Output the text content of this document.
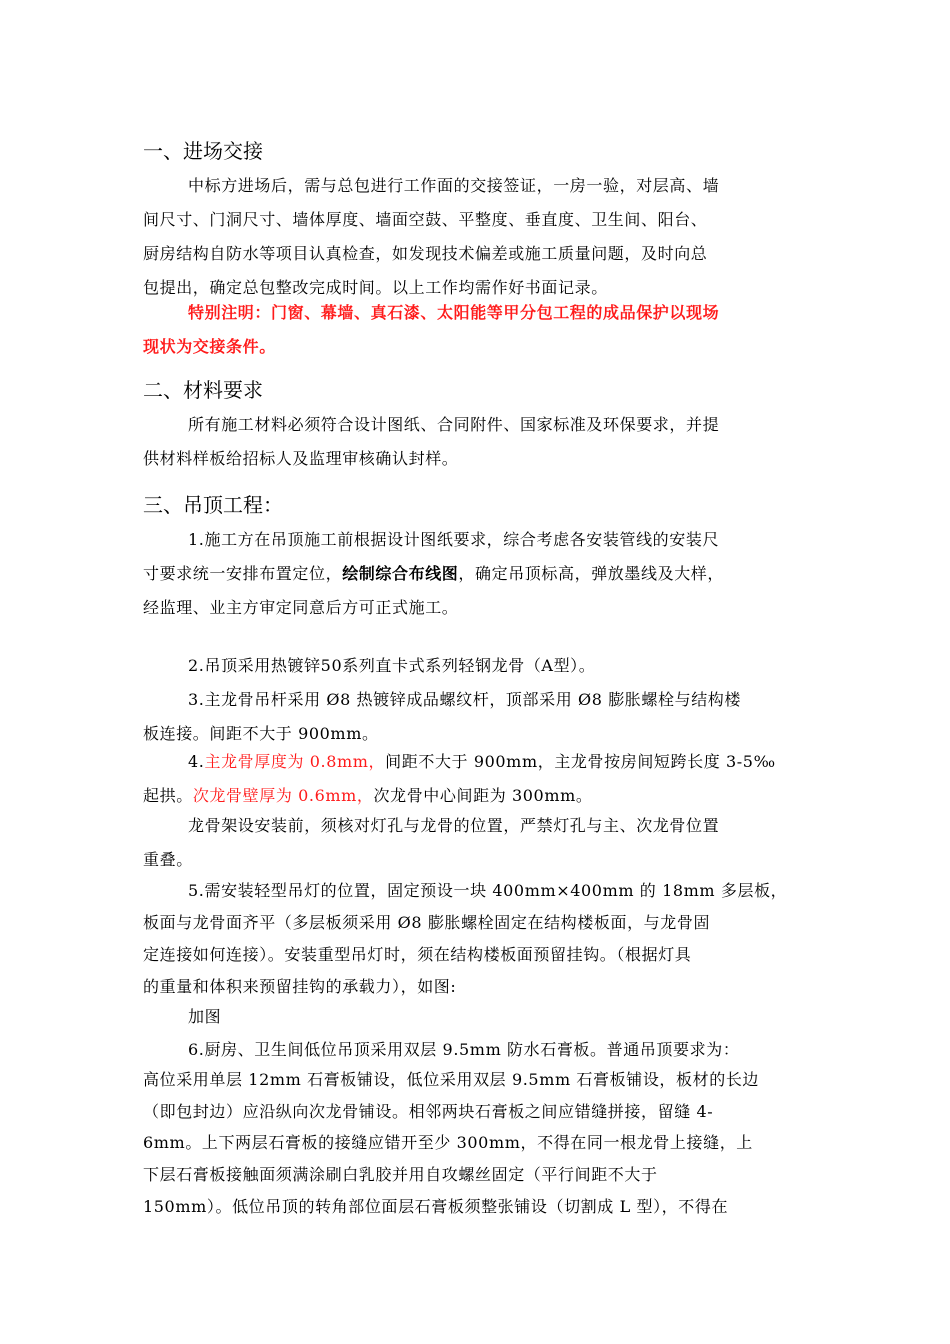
一、进场交接
中标方进场后，需与总包进行工作面的交接签证，一房一验，对层高、墙
间尺寸、门洞尺寸、墙体厚度、墙面空鼓、平整度、垂直度、卫生间、阳台、
厨房结构自防水等项目认真检查，如发现技术偏差或施工质量问题，及时向总
包提出，确定总包整改完成时间。以上工作均需作好书面记录。
特别注明：门窗、幕墙、真石漆、太阳能等甲分包工程的成品保护以现场
现状为交接条件。
二、材料要求
所有施工材料必须符合设计图纸、合同附件、国家标准及环保要求，并提
供材料样板给招标人及监理审核确认封样。
三、吊顶工程：
1.施工方在吊顶施工前根据设计图纸要求，综合考虑各安装管线的安装尺
寸要求统一安排布置定位，绘制综合布线图，确定吊顶标高，弹放墨线及大样，
经监理、业主方审定同意后方可正式施工。
2.吊顶采用热镀锌50系列直卡式系列轻钢龙骨（A型）。
3.主龙骨吊杆采用 Ø8 热镀锌成品螺纹杆，顶部采用 Ø8 膨胀螺栓与结构楼
板连接。间距不大于 900mm。
4.主龙骨厚度为 0.8mm，间距不大于 900mm，主龙骨按房间短跨长度 3-5‰
起拱。次龙骨壁厚为 0.6mm，次龙骨中心间距为 300mm。
龙骨架设安装前，须核对灯孔与龙骨的位置，严禁灯孔与主、次龙骨位置
重叠。
5.需安装轻型吊灯的位置，固定预设一块 400mm×400mm 的 18mm 多层板，
板面与龙骨面齐平（多层板须采用 Ø8 膨胀螺栓固定在结构楼板面，与龙骨固
定连接如何连接）。安装重型吊灯时，须在结构楼板面预留挂钩。（根据灯具
的重量和体积来预留挂钩的承载力），如图:
加图
6.厨房、卫生间低位吊顶采用双层 9.5mm 防水石膏板。普通吊顶要求为：
高位采用单层 12mm 石膏板铺设，低位采用双层 9.5mm 石膏板铺设，板材的长边
（即包封边）应沿纵向次龙骨铺设。相邻两块石膏板之间应错缝拼接，留缝 4-
6mm。上下两层石膏板的接缝应错开至少 300mm，不得在同一根龙骨上接缝，上
下层石膏板接触面须满涂刷白乳胶并用自攻螺丝固定（平行间距不大于
150mm）。低位吊顶的转角部位面层石膏板须整张铺设（切割成 L 型），不得在
